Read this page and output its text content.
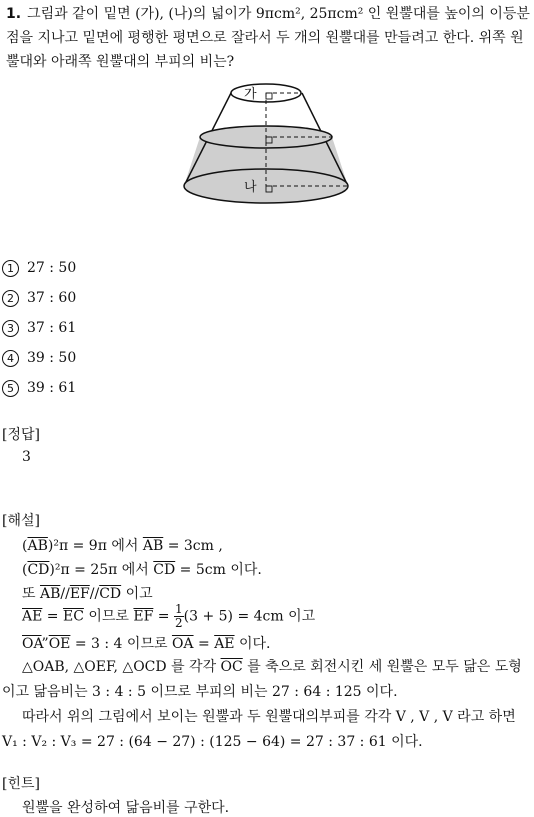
1. 그림과 같이 밑면 (가), (나)의 넓이가 9πcm², 25πcm² 인 원뿔대를 높이의 이등분점을 지나고 밑면에 평행한 평면으로 잘라서 두 개의 원뿔대를 만들려고 한다. 위쪽 원뿔대와 아래쪽 원뿔대의 부피의 비는?
가
나
1 27 : 50
2 37 : 60
3 37 : 61
4 39 : 50
5 39 : 61
[정답]
3
[해설]
$(\overline{AB})^2\pi = 9\pi$ 에서 $\overline{AB} = 3cm$ ,
$(\overline{CD})^2\pi = 25\pi$ 에서 $\overline{CD} = 5cm$ 이다.
또 $\overline{AB}//\overline{EF}//\overline{CD}$ 이고
$\overline{AE} = \overline{EC}$ 이므로 $\overline{EF} = \frac{1}{2} (3 + 5) = 4cm$ 이고
$\overline{OA}”\overline{OE} = 3$ : 4 이므로 $\overline{OA} = \overline{AE}$ 이다.
△OAB, △OEF, △OCD 를 각각 $\overline{OC}$ 를 축으로 회전시킨 세 원뿔은 모두 닮은 도형이고 닮음비는 3 : 4 : 5 이므로 부피의 비는 27 : 64 : 125 이다.
따라서 위의 그림에서 보이는 원뿔과 두 원뿔대의부피를 각각 V , V , V 라고 하면 V₁ : V₂ : V₃ = 27 : (64 − 27) : (125 − 64) = 27 : 37 : 61 이다.
[힌트]
원뿔을 완성하여 닮음비를 구한다.
